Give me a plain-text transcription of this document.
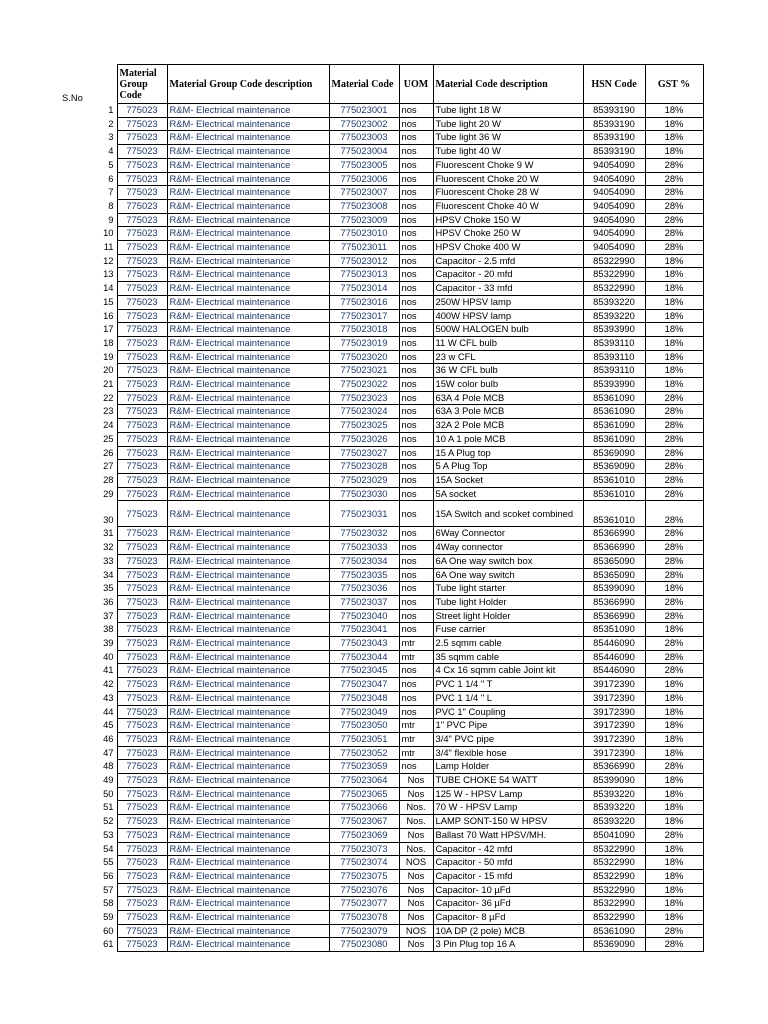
S.No	Material Group Code	Material Group Code description	Material Code	UOM	Material Code description	HSN Code	GST %
1	775023	R&M- Electrical maintenance	775023001	nos	Tube light 18 W	85393190	18%
2	775023	R&M- Electrical maintenance	775023002	nos	Tube light 20 W	85393190	18%
3	775023	R&M- Electrical maintenance	775023003	nos	Tube light 36 W	85393190	18%
4	775023	R&M- Electrical maintenance	775023004	nos	Tube light 40 W	85393190	18%
5	775023	R&M- Electrical maintenance	775023005	nos	Fluorescent Choke 9 W	94054090	28%
6	775023	R&M- Electrical maintenance	775023006	nos	Fluorescent Choke 20 W	94054090	28%
7	775023	R&M- Electrical maintenance	775023007	nos	Fluorescent Choke 28 W	94054090	28%
8	775023	R&M- Electrical maintenance	775023008	nos	Fluorescent Choke 40 W	94054090	28%
9	775023	R&M- Electrical maintenance	775023009	nos	HPSV Choke 150 W	94054090	28%
10	775023	R&M- Electrical maintenance	775023010	nos	HPSV Choke 250 W	94054090	28%
11	775023	R&M- Electrical maintenance	775023011	nos	HPSV Choke 400 W	94054090	28%
12	775023	R&M- Electrical maintenance	775023012	nos	Capacitor - 2.5 mfd	85322990	18%
13	775023	R&M- Electrical maintenance	775023013	nos	Capacitor - 20 mfd	85322990	18%
14	775023	R&M- Electrical maintenance	775023014	nos	Capacitor - 33 mfd	85322990	18%
15	775023	R&M- Electrical maintenance	775023016	nos	250W HPSV lamp	85393220	18%
16	775023	R&M- Electrical maintenance	775023017	nos	400W HPSV lamp	85393220	18%
17	775023	R&M- Electrical maintenance	775023018	nos	500W HALOGEN bulb	85393990	18%
18	775023	R&M- Electrical maintenance	775023019	nos	11 W CFL bulb	85393110	18%
19	775023	R&M- Electrical maintenance	775023020	nos	23 w CFL	85393110	18%
20	775023	R&M- Electrical maintenance	775023021	nos	36 W CFL bulb	85393110	18%
21	775023	R&M- Electrical maintenance	775023022	nos	15W color bulb	85393990	18%
22	775023	R&M- Electrical maintenance	775023023	nos	63A 4 Pole MCB	85361090	28%
23	775023	R&M- Electrical maintenance	775023024	nos	63A 3 Pole MCB	85361090	28%
24	775023	R&M- Electrical maintenance	775023025	nos	32A 2 Pole MCB	85361090	28%
25	775023	R&M- Electrical maintenance	775023026	nos	10 A 1 pole MCB	85361090	28%
26	775023	R&M- Electrical maintenance	775023027	nos	15 A Plug top	85369090	28%
27	775023	R&M- Electrical maintenance	775023028	nos	5 A Plug Top	85369090	28%
28	775023	R&M- Electrical maintenance	775023029	nos	15A Socket	85361010	28%
29	775023	R&M- Electrical maintenance	775023030	nos	5A socket	85361010	28%
30	775023	R&M- Electrical maintenance	775023031	nos	15A Switch and scoket combined	85361010	28%
31	775023	R&M- Electrical maintenance	775023032	nos	6Way Connector	85366990	28%
32	775023	R&M- Electrical maintenance	775023033	nos	4Way connector	85366990	28%
33	775023	R&M- Electrical maintenance	775023034	nos	6A One way switch box	85365090	28%
34	775023	R&M- Electrical maintenance	775023035	nos	6A One way switch	85365090	28%
35	775023	R&M- Electrical maintenance	775023036	nos	Tube light starter	85399090	18%
36	775023	R&M- Electrical maintenance	775023037	nos	Tube light Holder	85366990	28%
37	775023	R&M- Electrical maintenance	775023040	nos	Street light Holder	85366990	28%
38	775023	R&M- Electrical maintenance	775023041	nos	Fuse carrier	85351090	18%
39	775023	R&M- Electrical maintenance	775023043	mtr	2.5 sqmm cable	85446090	28%
40	775023	R&M- Electrical maintenance	775023044	mtr	35 sqmm cable	85446090	28%
41	775023	R&M- Electrical maintenance	775023045	nos	4 Cx 16 sqmm cable Joint kit	85446090	28%
42	775023	R&M- Electrical maintenance	775023047	nos	PVC 1 1/4 " T	39172390	18%
43	775023	R&M- Electrical maintenance	775023048	nos	PVC 1 1/4 " L	39172390	18%
44	775023	R&M- Electrical maintenance	775023049	nos	PVC 1" Coupling	39172390	18%
45	775023	R&M- Electrical maintenance	775023050	mtr	1" PVC Pipe	39172390	18%
46	775023	R&M- Electrical maintenance	775023051	mtr	3/4" PVC pipe	39172390	18%
47	775023	R&M- Electrical maintenance	775023052	mtr	3/4" flexible hose	39172390	18%
48	775023	R&M- Electrical maintenance	775023059	nos	Lamp Holder	85366990	28%
49	775023	R&M- Electrical maintenance	775023064	Nos	TUBE CHOKE 54 WATT	85399090	18%
50	775023	R&M- Electrical maintenance	775023065	Nos	125 W - HPSV Lamp	85393220	18%
51	775023	R&M- Electrical maintenance	775023066	Nos.	70 W - HPSV Lamp	85393220	18%
52	775023	R&M- Electrical maintenance	775023067	Nos.	LAMP SONT-150 W HPSV	85393220	18%
53	775023	R&M- Electrical maintenance	775023069	Nos	Ballast 70 Watt HPSV/MH.	85041090	28%
54	775023	R&M- Electrical maintenance	775023073	Nos.	Capacitor - 42 mfd	85322990	18%
55	775023	R&M- Electrical maintenance	775023074	NOS	Capacitor - 50 mfd	85322990	18%
56	775023	R&M- Electrical maintenance	775023075	Nos	Capacitor - 15 mfd	85322990	18%
57	775023	R&M- Electrical maintenance	775023076	Nos	Capacitor- 10 µFd	85322990	18%
58	775023	R&M- Electrical maintenance	775023077	Nos	Capacitor- 36 µFd	85322990	18%
59	775023	R&M- Electrical maintenance	775023078	Nos	Capacitor- 8 µFd	85322990	18%
60	775023	R&M- Electrical maintenance	775023079	NOS	10A DP (2 pole) MCB	85361090	28%
61	775023	R&M- Electrical maintenance	775023080	Nos	3 Pin Plug top 16 A	85369090	28%
